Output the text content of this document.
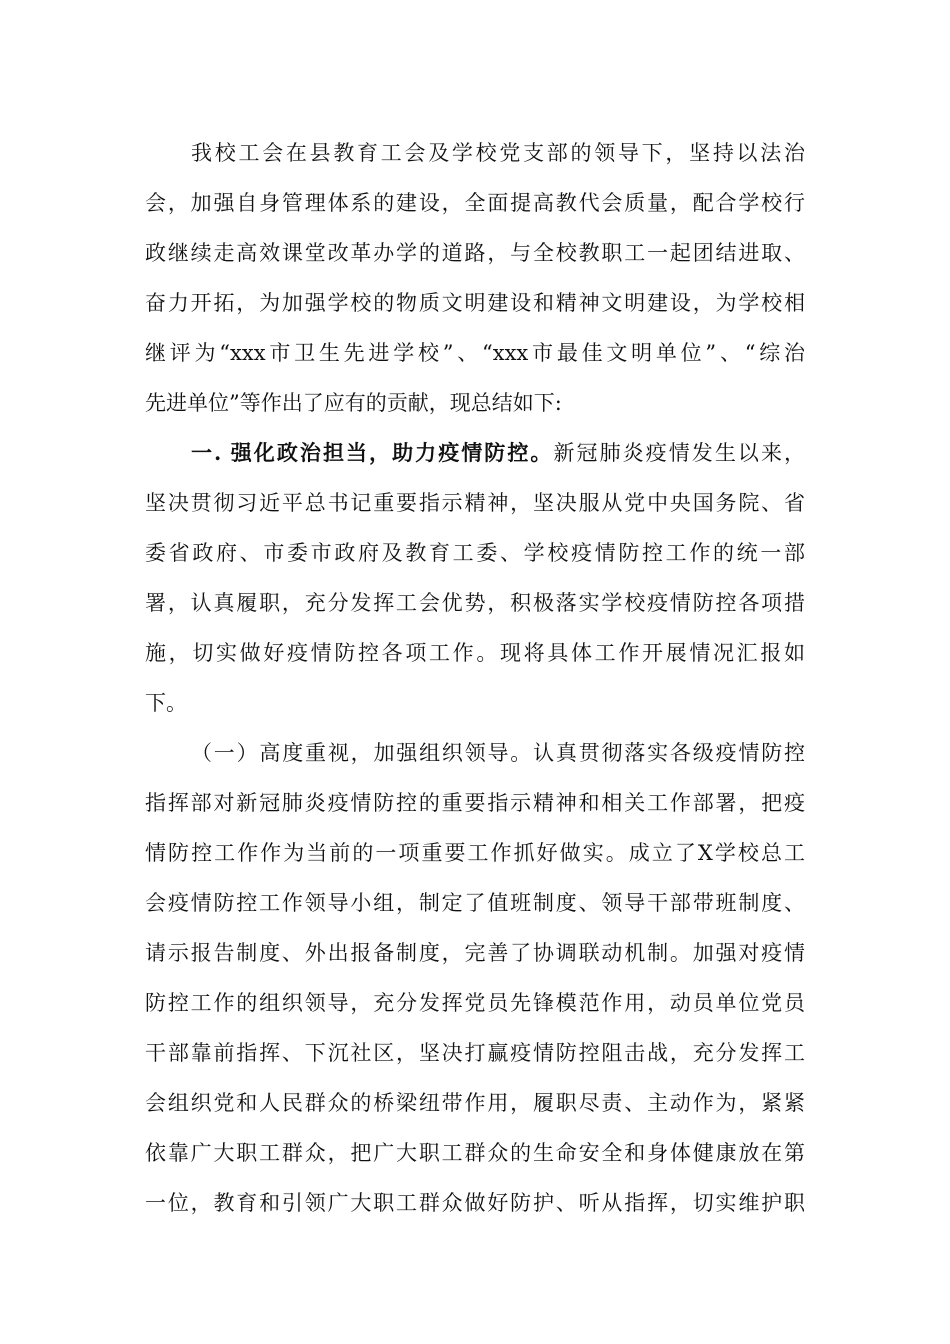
我校工会在县教育工会及学校党支部的领导下，坚持以法治
会，加强自身管理体系的建设，全面提高教代会质量，配合学校行
政继续走高效课堂改革办学的道路，与全校教职工一起团结进取、
奋力开拓，为加强学校的物质文明建设和精神文明建设，为学校相
继评为“xxx市卫生先进学校”、“xxx市最佳文明单位”、“综治
先进单位”等作出了应有的贡献，现总结如下:
一. 强化政治担当，助力疫情防控。新冠肺炎疫情发生以来，
坚决贯彻习近平总书记重要指示精神，坚决服从党中央国务院、省
委省政府、市委市政府及教育工委、学校疫情防控工作的统一部
署，认真履职，充分发挥工会优势，积极落实学校疫情防控各项措
施，切实做好疫情防控各项工作。现将具体工作开展情况汇报如
下。
（一）高度重视，加强组织领导。认真贯彻落实各级疫情防控
指挥部对新冠肺炎疫情防控的重要指示精神和相关工作部署，把疫
情防控工作作为当前的一项重要工作抓好做实。成立了X学校总工
会疫情防控工作领导小组，制定了值班制度、领导干部带班制度、
请示报告制度、外出报备制度，完善了协调联动机制。加强对疫情
防控工作的组织领导，充分发挥党员先锋模范作用，动员单位党员
干部靠前指挥、下沉社区，坚决打赢疫情防控阻击战，充分发挥工
会组织党和人民群众的桥梁纽带作用，履职尽责、主动作为，紧紧
依靠广大职工群众，把广大职工群众的生命安全和身体健康放在第
一位，教育和引领广大职工群众做好防护、听从指挥，切实维护职
